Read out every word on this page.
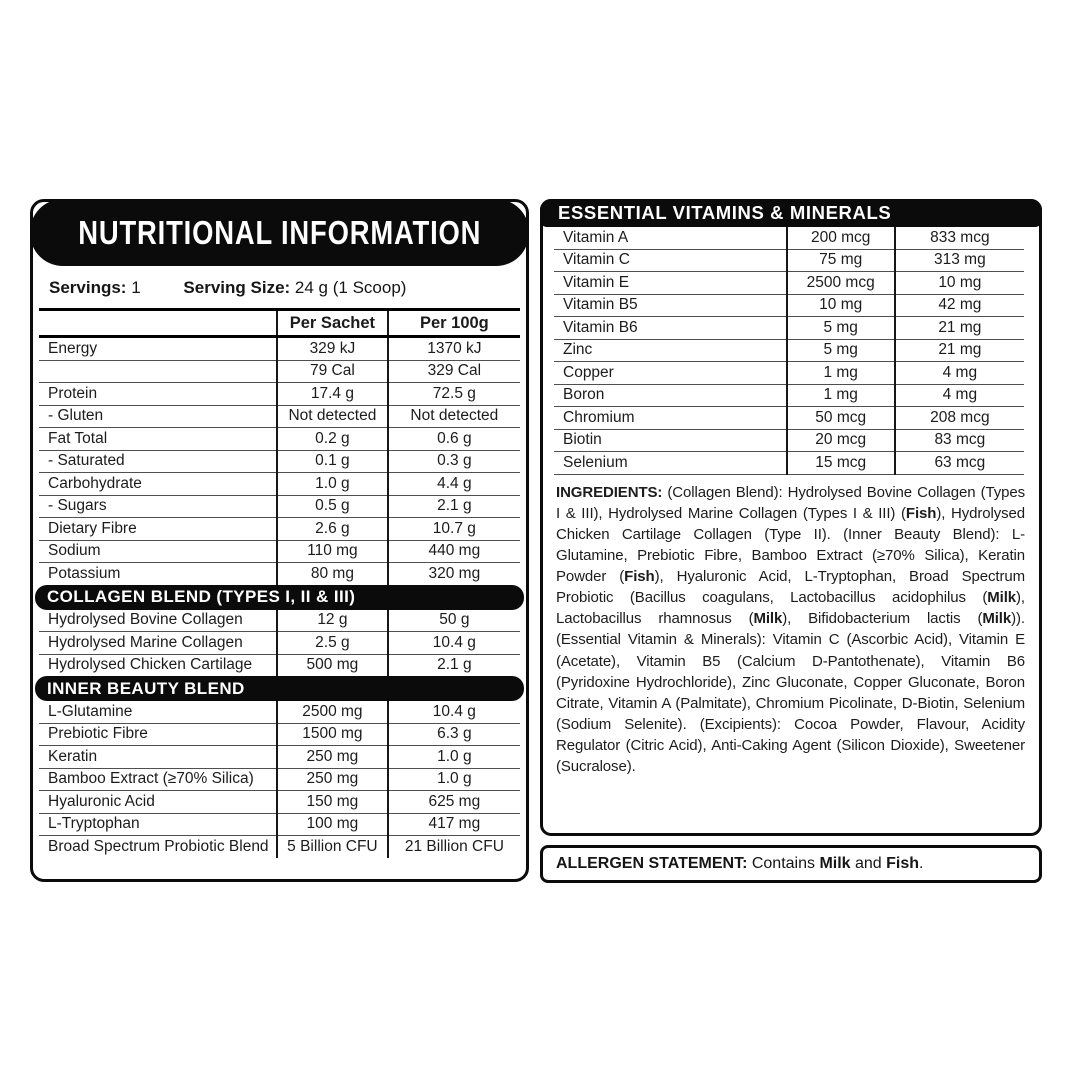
NUTRITIONAL INFORMATION
Servings: 1	Serving Size: 24 g (1 Scoop)
	Per Sachet	Per 100g
Energy	329 kJ	1370 kJ
	79 Cal	329 Cal
Protein	17.4 g	72.5 g
- Gluten	Not detected	Not detected
Fat Total	0.2 g	0.6 g
- Saturated	0.1 g	0.3 g
Carbohydrate	1.0 g	4.4 g
- Sugars	0.5 g	2.1 g
Dietary Fibre	2.6 g	10.7 g
Sodium	110 mg	440 mg
Potassium	80 mg	320 mg
COLLAGEN BLEND (TYPES I, II & III)
Hydrolysed Bovine Collagen	12 g	50 g
Hydrolysed Marine Collagen	2.5 g	10.4 g
Hydrolysed Chicken Cartilage	500 mg	2.1 g
INNER BEAUTY BLEND
L-Glutamine	2500 mg	10.4 g
Prebiotic Fibre	1500 mg	6.3 g
Keratin	250 mg	1.0 g
Bamboo Extract (≥70% Silica)	250 mg	1.0 g
Hyaluronic Acid	150 mg	625 mg
L-Tryptophan	100 mg	417 mg
Broad Spectrum Probiotic Blend	5 Billion CFU	21 Billion CFU
ESSENTIAL VITAMINS & MINERALS
Vitamin A	200 mcg	833 mcg
Vitamin C	75 mg	313 mg
Vitamin E	2500 mcg	10 mg
Vitamin B5	10 mg	42 mg
Vitamin B6	5 mg	21 mg
Zinc	5 mg	21 mg
Copper	1 mg	4 mg
Boron	1 mg	4 mg
Chromium	50 mcg	208 mcg
Biotin	20 mcg	83 mcg
Selenium	15 mcg	63 mcg

INGREDIENTS: (Collagen Blend): Hydrolysed Bovine Collagen (Types I & III), Hydrolysed Marine Collagen (Types I & III) (Fish), Hydrolysed Chicken Cartilage Collagen (Type II). (Inner Beauty Blend): L-Glutamine, Prebiotic Fibre, Bamboo Extract (≥70% Silica), Keratin Powder (Fish), Hyaluronic Acid, L-Tryptophan, Broad Spectrum Probiotic (Bacillus coagulans, Lactobacillus acidophilus (Milk), Lactobacillus rhamnosus (Milk), Bifidobacterium lactis (Milk)). (Essential Vitamin & Minerals): Vitamin C (Ascorbic Acid), Vitamin E (Acetate), Vitamin B5 (Calcium D-Pantothenate), Vitamin B6 (Pyridoxine Hydrochloride), Zinc Gluconate, Copper Gluconate, Boron Citrate, Vitamin A (Palmitate), Chromium Picolinate, D-Biotin, Selenium (Sodium Selenite). (Excipients): Cocoa Powder, Flavour, Acidity Regulator (Citric Acid), Anti-Caking Agent (Silicon Dioxide), Sweetener (Sucralose).

ALLERGEN STATEMENT: Contains Milk and Fish.
